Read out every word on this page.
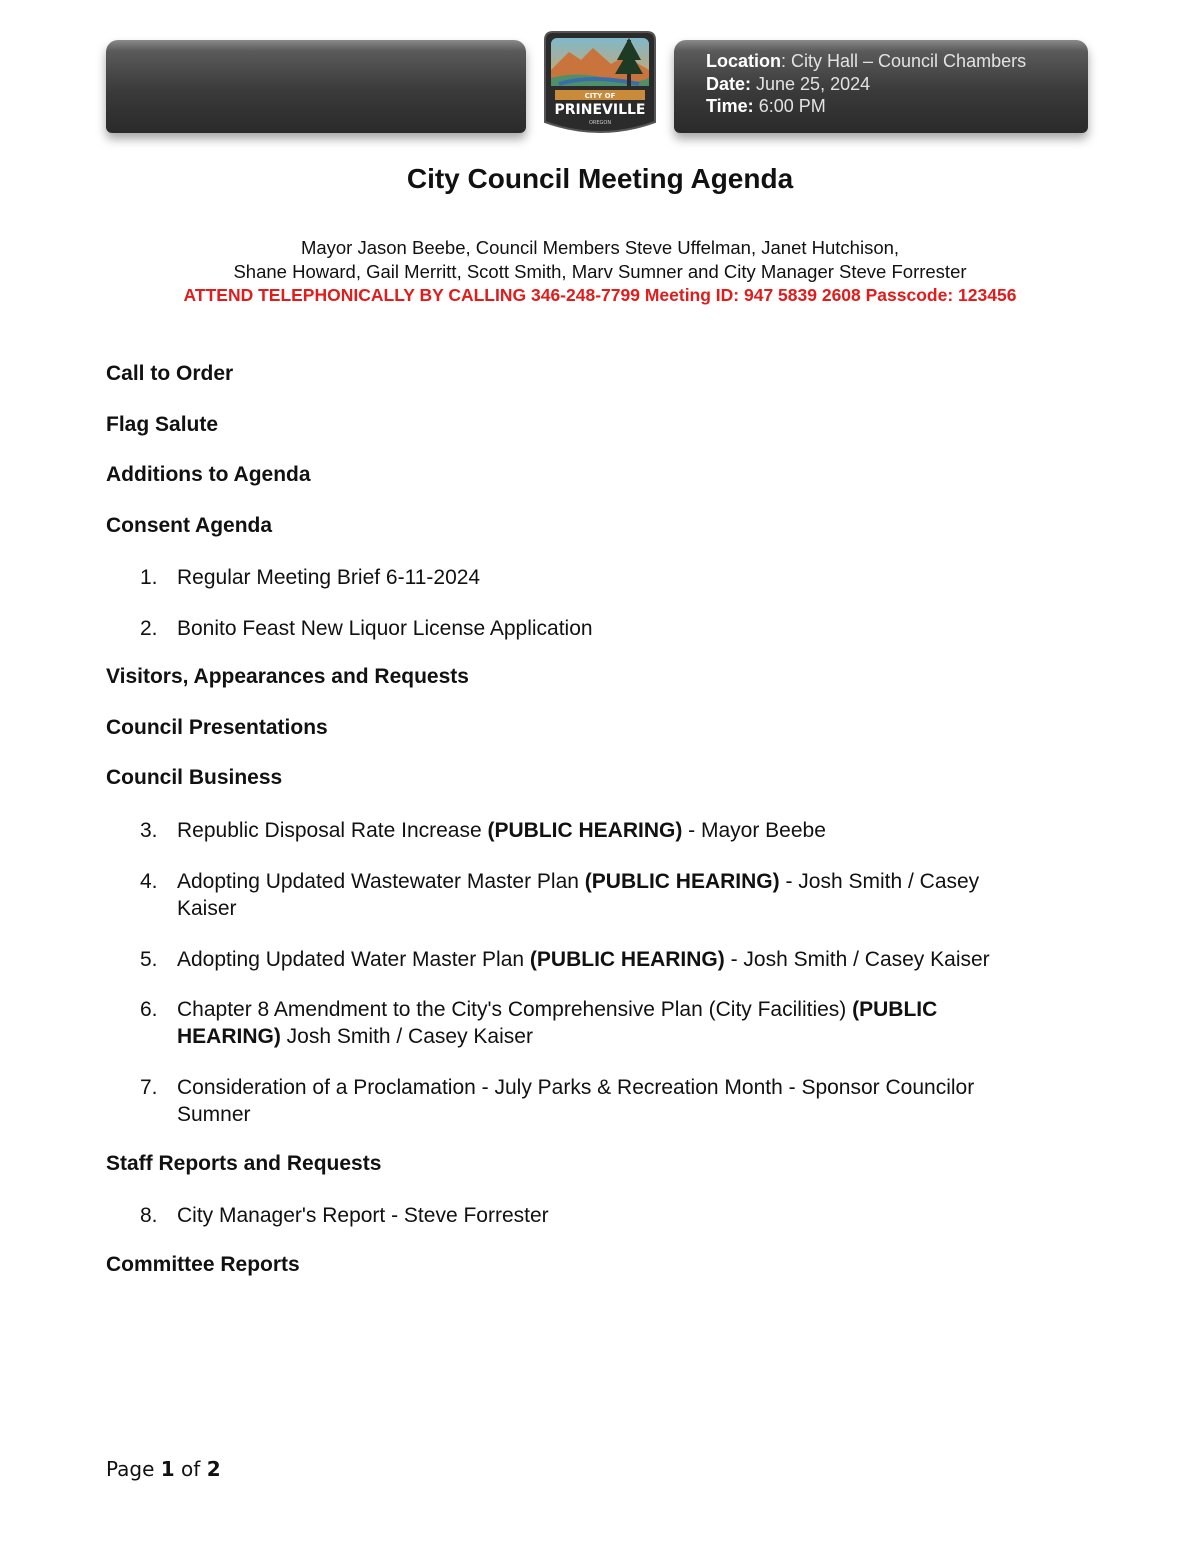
CITY OF
PRINEVILLE
OREGON
Location: City Hall – Council Chambers
Date: June 25, 2024
Time: 6:00 PM
City Council Meeting Agenda
Mayor Jason Beebe, Council Members Steve Uffelman, Janet Hutchison,
Shane Howard, Gail Merritt, Scott Smith, Marv Sumner and City Manager Steve Forrester
ATTEND TELEPHONICALLY BY CALLING 346-248-7799 Meeting ID: 947 5839 2608 Passcode: 123456
Call to Order
Flag Salute
Additions to Agenda
Consent Agenda
1. Regular Meeting Brief 6-11-2024
2. Bonito Feast New Liquor License Application
Visitors, Appearances and Requests
Council Presentations
Council Business
3. Republic Disposal Rate Increase (PUBLIC HEARING) - Mayor Beebe
4. Adopting Updated Wastewater Master Plan (PUBLIC HEARING) - Josh Smith / Casey
Kaiser
5. Adopting Updated Water Master Plan (PUBLIC HEARING) - Josh Smith / Casey Kaiser
6. Chapter 8 Amendment to the City's Comprehensive Plan (City Facilities) (PUBLIC
HEARING) Josh Smith / Casey Kaiser
7. Consideration of a Proclamation - July Parks & Recreation Month - Sponsor Councilor
Sumner
Staff Reports and Requests
8. City Manager's Report - Steve Forrester
Committee Reports
Page 1 of 2
